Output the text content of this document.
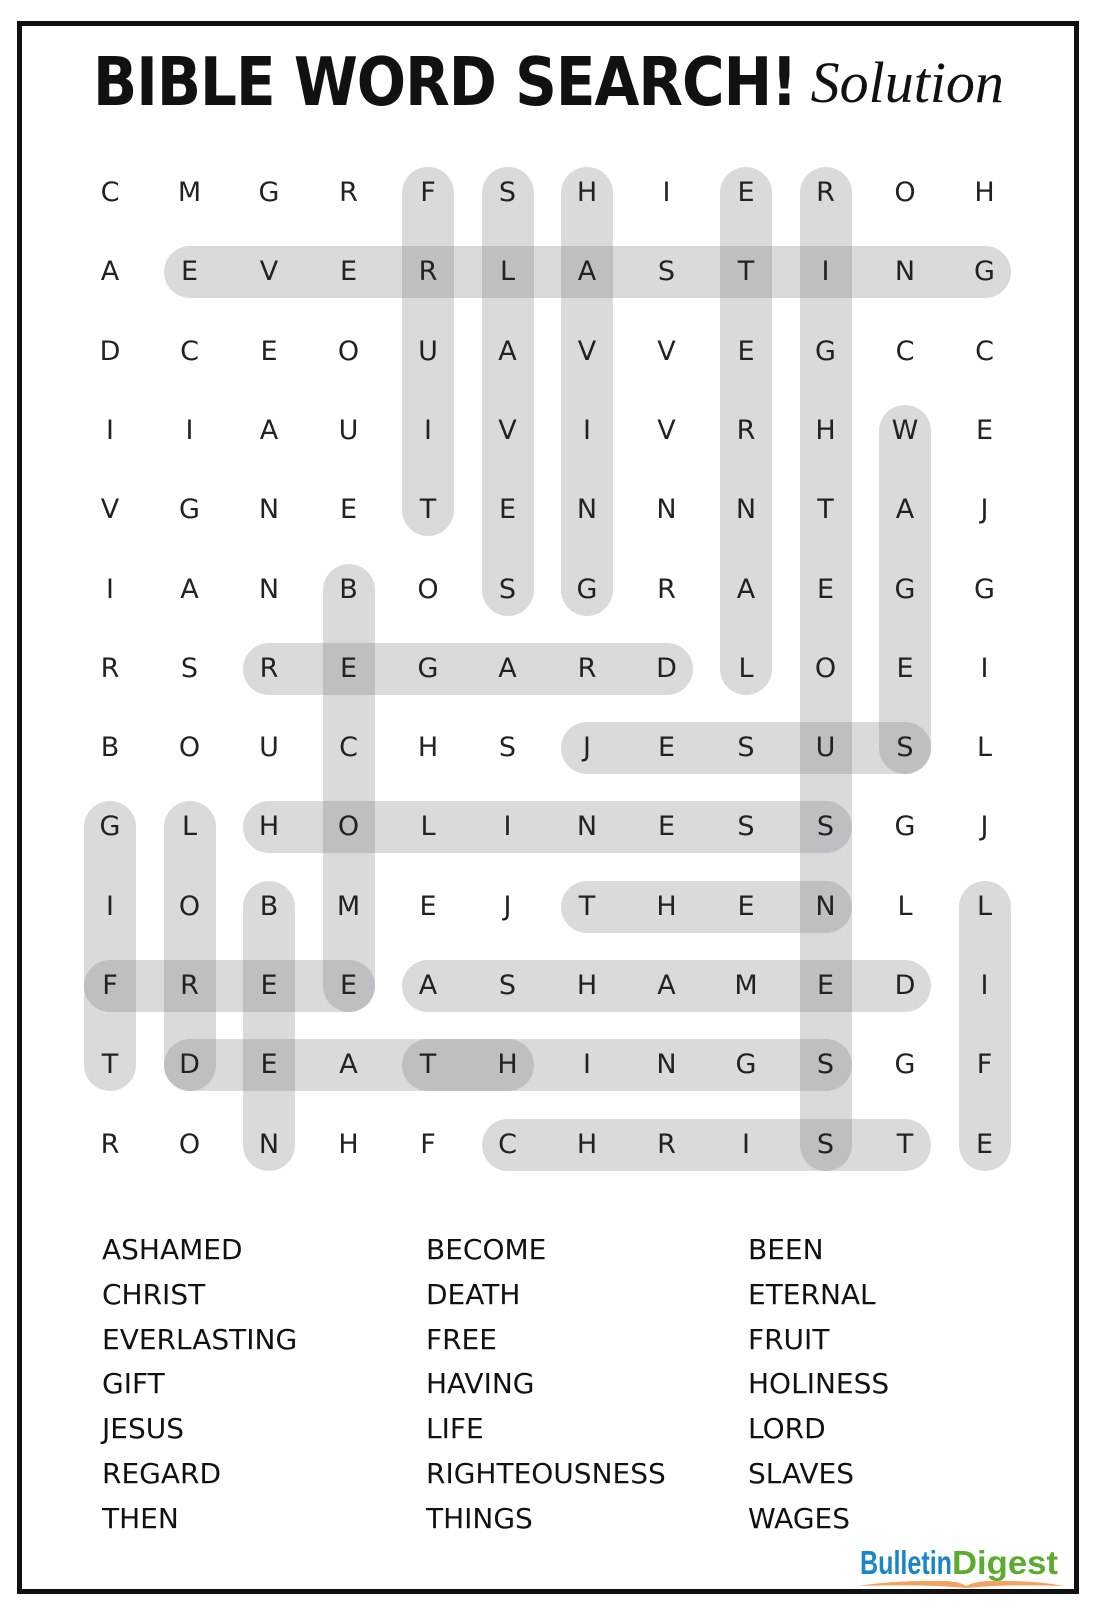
BIBLE WORD SEARCH! Solution
C	M	G	R	F	S	H	I	E	R	O	H
A	E	V	E	R	L	A	S	T	I	N	G
D	C	E	O	U	A	V	V	E	G	C	C
I	I	A	U	I	V	I	V	R	H	W	E
V	G	N	E	T	E	N	N	N	T	A	J
I	A	N	B	O	S	G	R	A	E	G	G
R	S	R	E	G	A	R	D	L	O	E	I
B	O	U	C	H	S	J	E	S	U	S	L
G	L	H	O	L	I	N	E	S	S	G	J
I	O	B	M	E	J	T	H	E	N	L	L
F	R	E	E	A	S	H	A	M	E	D	I
T	D	E	A	T	H	I	N	G	S	G	F
R	O	N	H	F	C	H	R	I	S	T	E
ASHAMED
CHRIST
EVERLASTING
GIFT
JESUS
REGARD
THEN
BECOME
DEATH
FREE
HAVING
LIFE
RIGHTEOUSNESS
THINGS
BEEN
ETERNAL
FRUIT
HOLINESS
LORD
SLAVES
WAGES
Bulletin Digest
